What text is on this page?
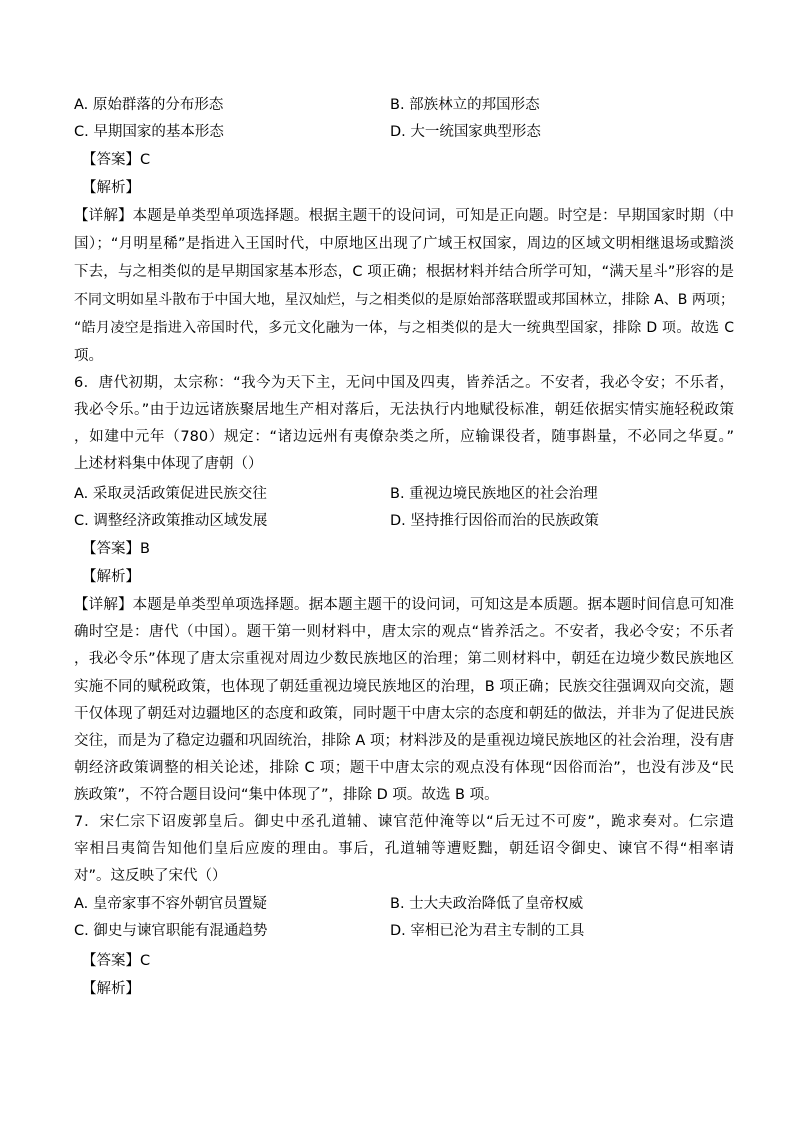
A. 原始群落的分布形态	B. 部族林立的邦国形态
C. 早期国家的基本形态	D. 大一统国家典型形态
【答案】C
【解析】
【详解】本题是单类型单项选择题。根据主题干的设问词，可知是正向题。时空是：早期国家时期（中
国）；“月明星稀”是指进入王国时代，中原地区出现了广域王权国家，周边的区域文明相继退场或黯淡
下去，与之相类似的是早期国家基本形态，C 项正确；根据材料并结合所学可知，“满天星斗”形容的是
不同文明如星斗散布于中国大地，星汉灿烂，与之相类似的是原始部落联盟或邦国林立，排除 A、B 两项；
“皓月凌空是指进入帝国时代，多元文化融为一体，与之相类似的是大一统典型国家，排除 D 项。故选 C
项。
6．唐代初期，太宗称：“我今为天下主，无问中国及四夷，皆养活之。不安者，我必令安；不乐者，
我必令乐。”由于边远诸族聚居地生产相对落后，无法执行内地赋役标准，朝廷依据实情实施轻税政策
，如建中元年（780）规定：“诸边远州有夷僚杂类之所，应输课役者，随事斟量，不必同之华夏。”
上述材料集中体现了唐朝（）
A. 采取灵活政策促进民族交往	B. 重视边境民族地区的社会治理
C. 调整经济政策推动区域发展	D. 坚持推行因俗而治的民族政策
【答案】B
【解析】
【详解】本题是单类型单项选择题。据本题主题干的设问词，可知这是本质题。据本题时间信息可知准
确时空是：唐代（中国）。题干第一则材料中，唐太宗的观点“皆养活之。不安者，我必令安；不乐者
，我必令乐”体现了唐太宗重视对周边少数民族地区的治理；第二则材料中，朝廷在边境少数民族地区
实施不同的赋税政策，也体现了朝廷重视边境民族地区的治理，B 项正确；民族交往强调双向交流，题
干仅体现了朝廷对边疆地区的态度和政策，同时题干中唐太宗的态度和朝廷的做法，并非为了促进民族
交往，而是为了稳定边疆和巩固统治，排除 A 项；材料涉及的是重视边境民族地区的社会治理，没有唐
朝经济政策调整的相关论述，排除 C 项；题干中唐太宗的观点没有体现“因俗而治”，也没有涉及“民
族政策”，不符合题目设问“集中体现了”，排除 D 项。故选 B 项。
7．宋仁宗下诏废郭皇后。御史中丞孔道辅、谏官范仲淹等以“后无过不可废”，跪求奏对。仁宗遣
宰相吕夷简告知他们皇后应废的理由。事后，孔道辅等遭贬黜，朝廷诏令御史、谏官不得“相率请
对”。这反映了宋代（）
A. 皇帝家事不容外朝官员置疑	B. 士大夫政治降低了皇帝权威
C. 御史与谏官职能有混通趋势	D. 宰相已沦为君主专制的工具
【答案】C
【解析】
